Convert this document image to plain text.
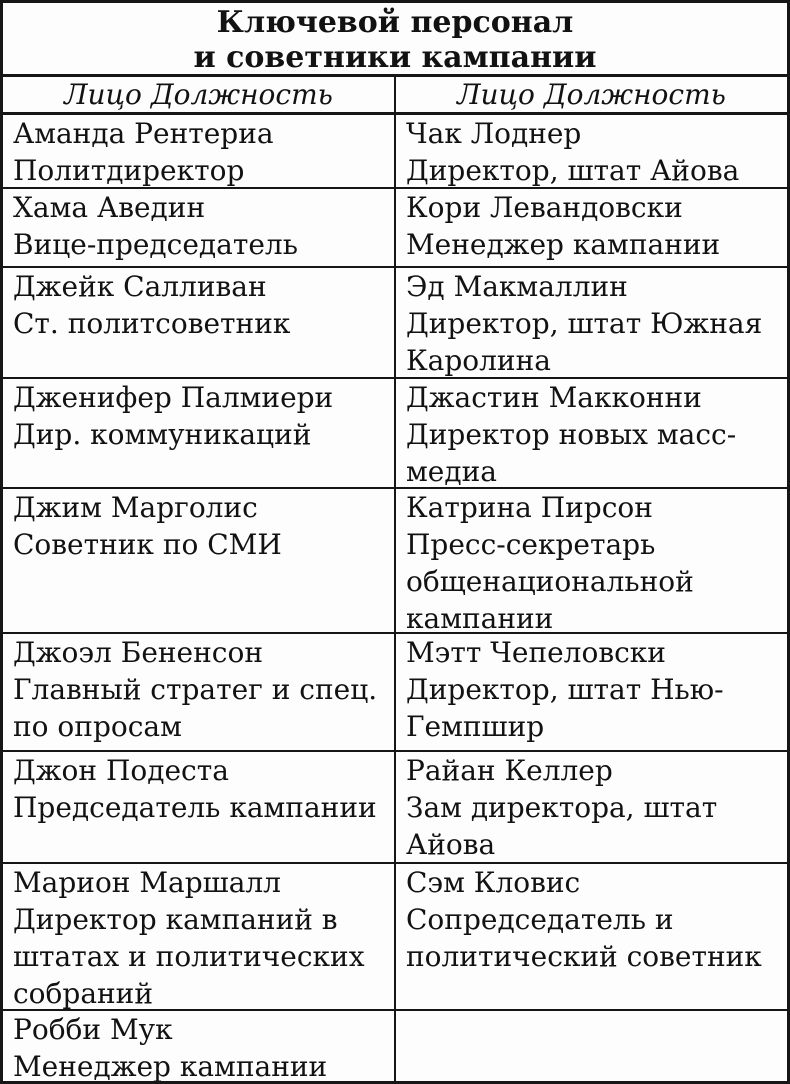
Ключевой персонал
и советники кампании
Лицо Должность	Лицо Должность
Аманда Рентериа
Политдиректор
Чак Лоднер
Директор, штат Айова
Хама Аведин
Вице-председатель
Кори Левандовски
Менеджер кампании
Джейк Салливан
Ст. политсоветник
Эд Макмаллин
Директор, штат Южная Каролина
Дженифер Палмиери
Дир. коммуникаций
Джастин Макконни
Директор новых масс-медиа
Джим Марголис
Советник по СМИ
Катрина Пирсон
Пресс-секретарь общенациональной кампании
Джоэл Бененсон
Главный стратег и спец. по опросам
Мэтт Чепеловски
Директор, штат Нью-Гемпшир
Джон Подеста
Председатель кампании
Райан Келлер
Зам директора, штат Айова
Марион Маршалл
Директор кампаний в штатах и политических собраний
Сэм Кловис
Сопредседатель и политический советник
Робби Мук
Менеджер кампании
